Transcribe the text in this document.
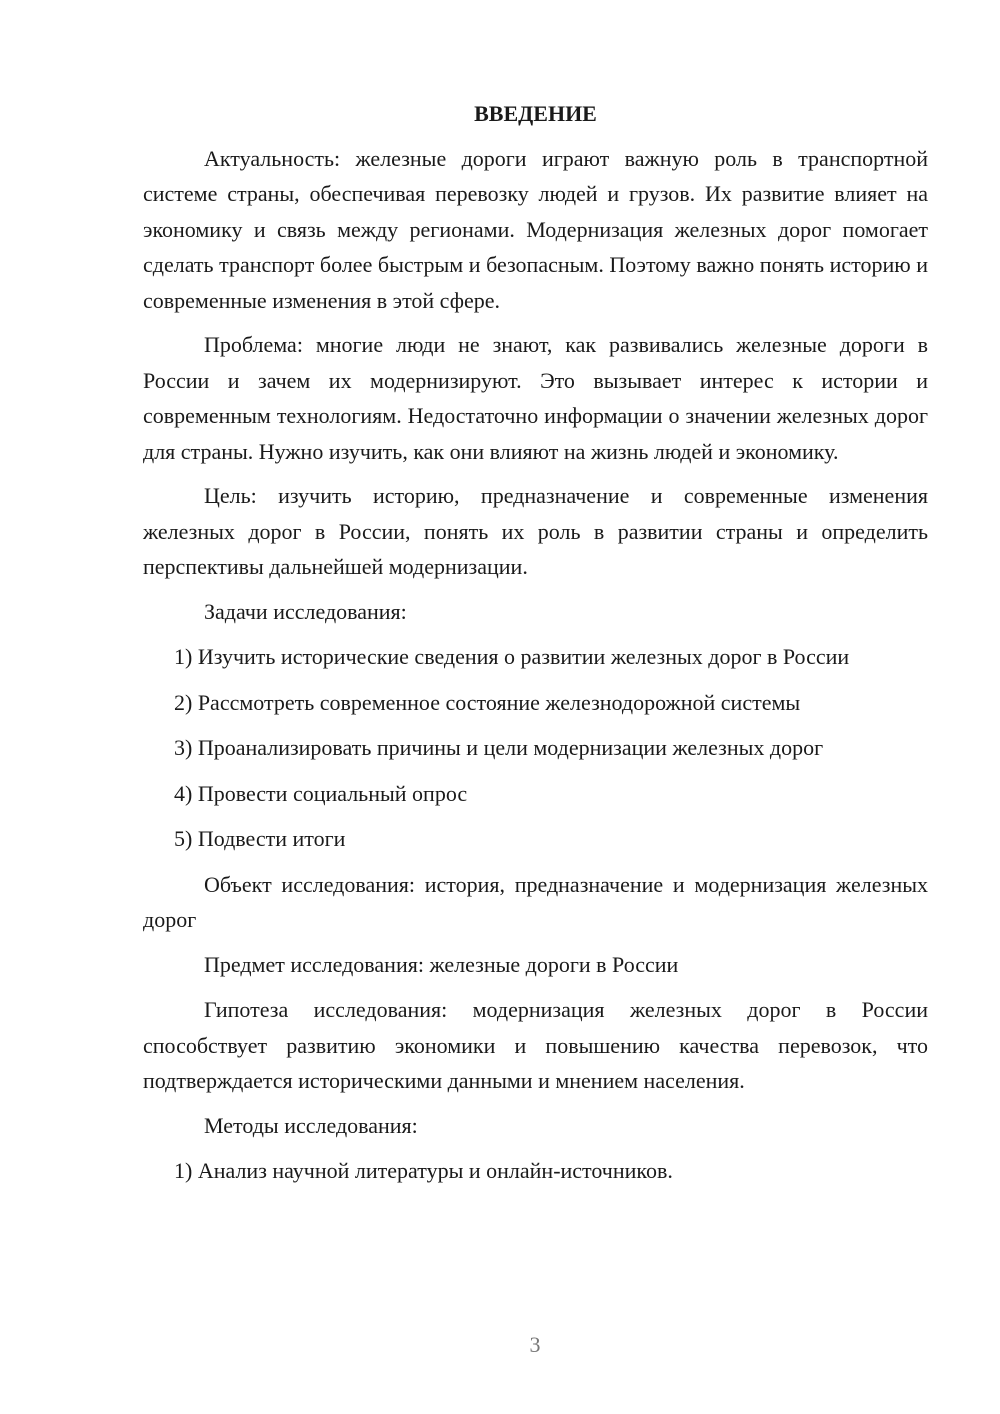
ВВЕДЕНИЕ

Актуальность: железные дороги играют важную роль в транспортной системе страны, обеспечивая перевозку людей и грузов. Их развитие влияет на экономику и связь между регионами. Модернизация железных дорог помогает сделать транспорт более быстрым и безопасным. Поэтому важно понять историю и современные изменения в этой сфере.

Проблема: многие люди не знают, как развивались железные дороги в России и зачем их модернизируют. Это вызывает интерес к истории и современным технологиям. Недостаточно информации о значении железных дорог для страны. Нужно изучить, как они влияют на жизнь людей и экономику.

Цель: изучить историю, предназначение и современные изменения железных дорог в России, понять их роль в развитии страны и определить перспективы дальнейшей модернизации.

Задачи исследования:

1) Изучить исторические сведения о развитии железных дорог в России

2) Рассмотреть современное состояние железнодорожной системы

3) Проанализировать причины и цели модернизации железных дорог

4) Провести социальный опрос

5) Подвести итоги

Объект исследования: история, предназначение и модернизация железных дорог

Предмет исследования: железные дороги в России

Гипотеза исследования: модернизация железных дорог в России способствует развитию экономики и повышению качества перевозок, что подтверждается историческими данными и мнением населения.

Методы исследования:

1) Анализ научной литературы и онлайн-источников.

3
